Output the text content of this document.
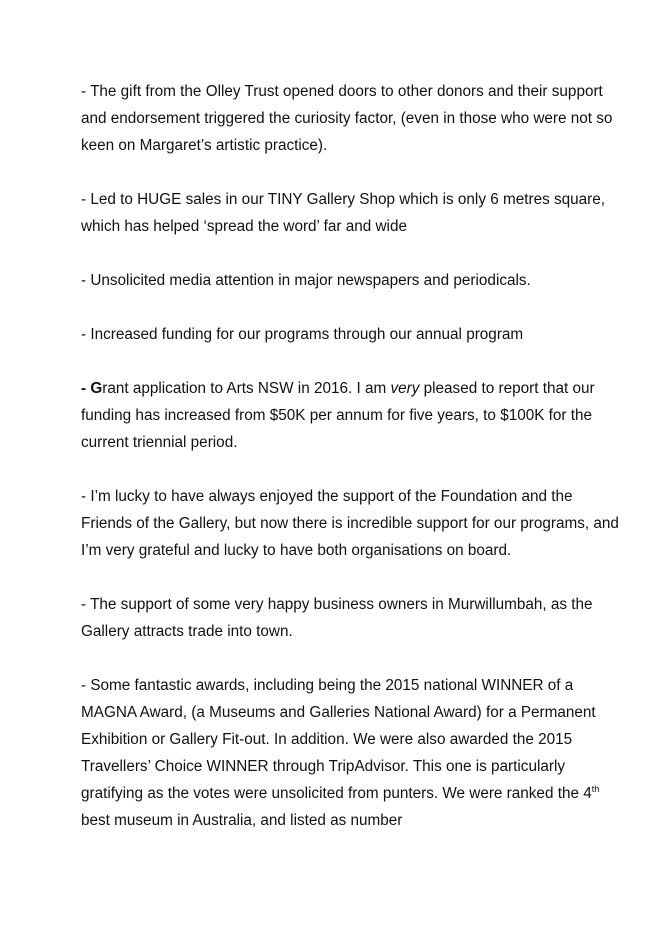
- The gift from the Olley Trust opened doors to other donors and their support and endorsement triggered the curiosity factor, (even in those who were not so keen on Margaret’s artistic practice).

- Led to HUGE sales in our TINY Gallery Shop which is only 6 metres square, which has helped ‘spread the word’ far and wide

- Unsolicited media attention in major newspapers and periodicals.

- Increased funding for our programs through our annual program

- Grant application to Arts NSW in 2016. I am very pleased to report that our funding has increased from $50K per annum for five years, to $100K for the current triennial period.

- I’m lucky to have always enjoyed the support of the Foundation and the Friends of the Gallery, but now there is incredible support for our programs, and I’m very grateful and lucky to have both organisations on board.

- The support of some very happy business owners in Murwillumbah, as the Gallery attracts trade into town.

- Some fantastic awards, including being the 2015 national WINNER of a MAGNA Award, (a Museums and Galleries National Award) for a Permanent Exhibition or Gallery Fit-out. In addition. We were also awarded the 2015 Travellers’ Choice WINNER through TripAdvisor. This one is particularly gratifying as the votes were unsolicited from punters. We were ranked the 4th best museum in Australia, and listed as number
